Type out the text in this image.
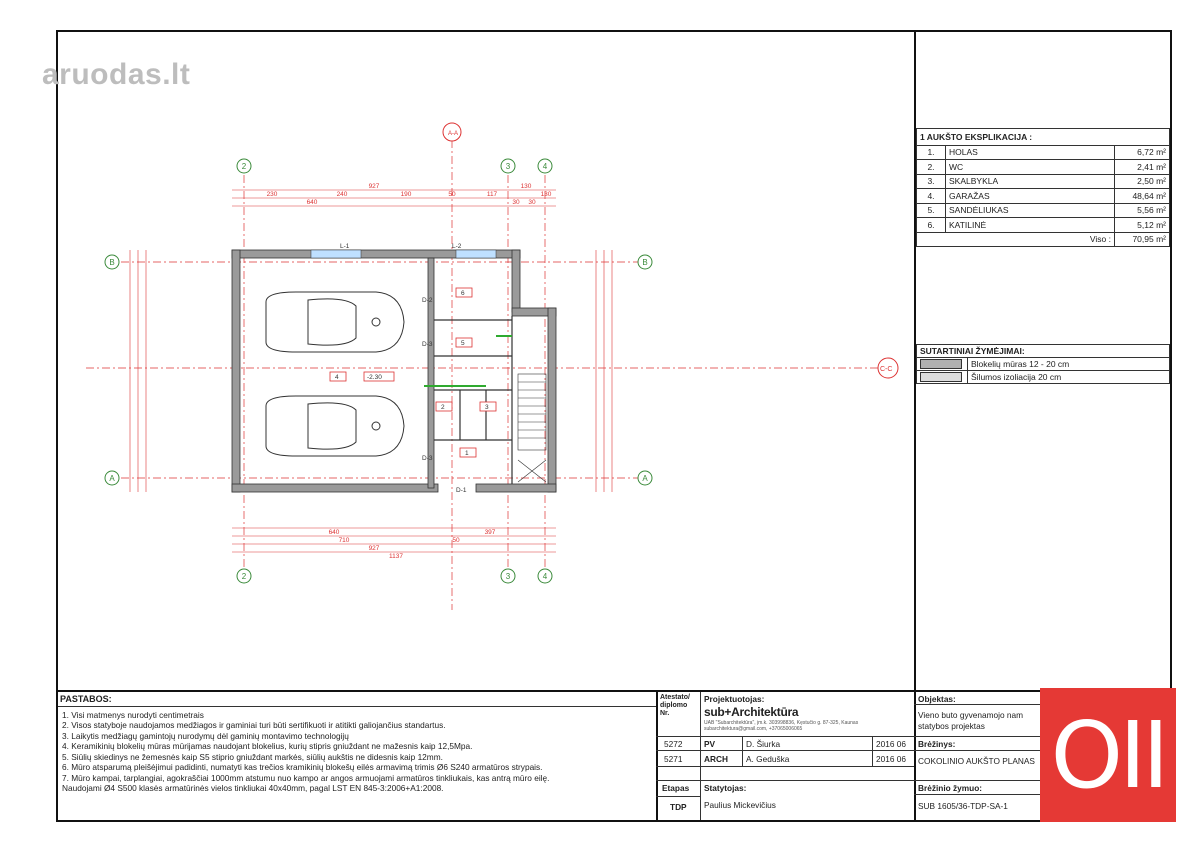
aruodas.lt
A-A
C-C
2	3	4
2	3	4
B	B
A	A
927
230	240	190	50	117
130
640	30 30
130
640
710	50
397
927
1137
L-1	L-2
6
5
2	3
1
4	-2.30
D-2
D-3
D-3
D-1
1 AUKŠTO EKSPLIKACIJA :		
1.	HOLAS	6,72 m²
2.	WC	2,41 m²
3.	SKALBYKLA	2,50 m²
4.	GARAŽAS	48,64 m²
5.	SANDĖLIUKAS	5,56 m²
6.	KATILINĖ	5,12 m²
Viso :		70,95 m²
SUTARTINIAI ŽYMĖJIMAI:	
	Blokelių mūras 12 - 20 cm
	Šilumos izoliacija 20 cm
PASTABOS:
1. Visi matmenys nurodyti centimetrais
2. Visos statyboje naudojamos medžiagos ir gaminiai turi būti sertifikuoti ir atitikti galiojančius standartus.
3. Laikytis medžiagų gamintojų nurodymų dėl gaminių montavimo technologijų
4. Keramikinių blokelių mūras mūrijamas naudojant blokelius, kurių stipris gniuždant ne mažesnis kaip 12,5Mpa.
5. Siūlių skiedinys ne žemesnės kaip S5 stiprio gniuždant markės, siūlių aukštis ne didesnis kaip 12mm.
6. Mūro atsparumą pleišėjimui padidinti, numatyti kas trečios kramikinių blokešų eilės armavimą trimis Ø6 S240 armatūros strypais.
7. Mūro kampai, tarplangiai, agokraščiai 1000mm atstumu nuo kampo ar angos armuojami armatūros tinkliukais, kas antrą mūro eilę.
Naudojami Ø4 S500 klasės armatūrinės vielos tinkliukai 40x40mm, pagal LST EN 845-3:2006+A1:2008.
Atestato/ diplomo Nr.
Projektuotojas:
sub+Architektūra
UAB "Subarchitektūra", įm.k. 303998836, Kęstučio g. 87-325, Kaunas subarchitektura@gmail.com, +37065006065
5272	PV	D. Šiurka	2016 06
5271	ARCH A. Geduška	2016 06
Etapas
TDP
Statytojas:
Paulius Mickevičius
Objektas:
Vieno buto gyvenamojo nam statybos projektas
Brėžinys:
COKOLINIO AUKŠTO PLANAS
Brėžinio žymuo:
SUB 1605/36-TDP-SA-1 OII
